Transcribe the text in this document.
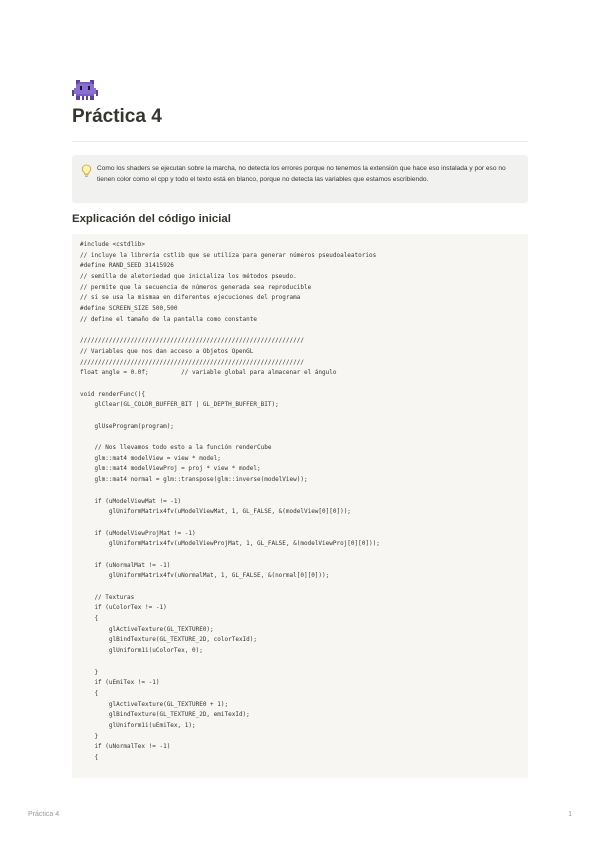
Práctica 4

Como los shaders se ejecutan sobre la marcha, no detecta los errores porque no tenemos la extensión que hace eso instalada y por eso no tienen color como el cpp y todo el texto está en blanco, porque no detecta las variables que estamos escribiendo.

Explicación del código inicial
#include <cstdlib>
// incluye la librería cstlib que se utiliza para generar números pseudoaleatorios
#define RAND_SEED 31415926
// semilla de aletoriedad que inicializa los métodos pseudo.
// permite que la secuencia de números generada sea reproducible
// si se usa la mismaa en diferentes ejecuciones del programa
#define SCREEN_SIZE 500,500
// define el tamaño de la pantalla como constante
//////////////////////////////////////////////////////////////
// Variables que nos dan acceso a Objetos OpenGL
//////////////////////////////////////////////////////////////
float angle = 0.0f;         // variable global para almacenar el ángulo
void renderFunc(){
glClear(GL_COLOR_BUFFER_BIT | GL_DEPTH_BUFFER_BIT);
glUseProgram(program);
// Nos llevamos todo esto a la función renderCube
glm::mat4 modelView = view * model;
glm::mat4 modelViewProj = proj * view * model;
glm::mat4 normal = glm::transpose(glm::inverse(modelView));
if (uModelViewMat != -1)
glUniformMatrix4fv(uModelViewMat, 1, GL_FALSE, &(modelView[0][0]));
if (uModelViewProjMat != -1)
glUniformMatrix4fv(uModelViewProjMat, 1, GL_FALSE, &(modelViewProj[0][0]));
if (uNormalMat != -1)
glUniformMatrix4fv(uNormalMat, 1, GL_FALSE, &(normal[0][0]));
// Texturas
if (uColorTex != -1)
{
glActiveTexture(GL_TEXTURE0);
glBindTexture(GL_TEXTURE_2D, colorTexId);
glUniform1i(uColorTex, 0);
}
if (uEmiTex != -1)
{
glActiveTexture(GL_TEXTURE0 + 1);
glBindTexture(GL_TEXTURE_2D, emiTexId);
glUniform1i(uEmiTex, 1);
}
if (uNormalTex != -1)
{
Práctica 4	1
